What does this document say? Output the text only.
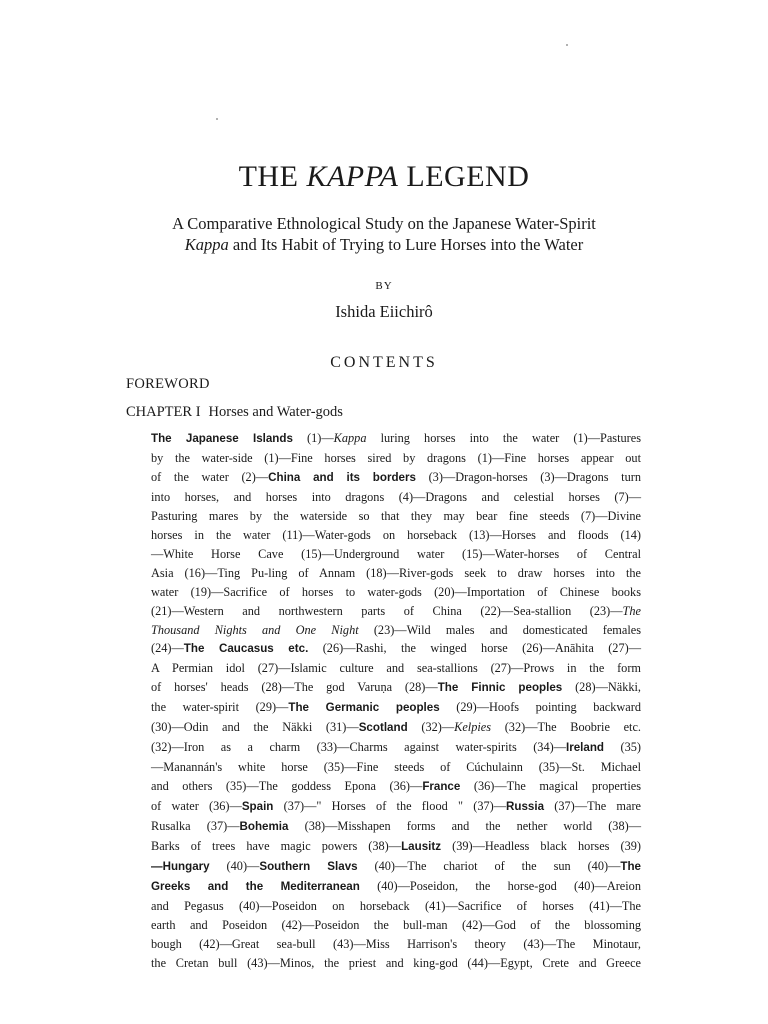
THE KAPPA LEGEND

A Comparative Ethnological Study on the Japanese Water-Spirit
Kappa and Its Habit of Trying to Lure Horses into the Water

BY
Ishida Eiichirô
CONTENTS
FOREWORD
CHAPTER I Horses and Water-gods
The Japanese Islands (1)—Kappa luring horses into the water (1)—Pastures
by the water-side (1)—Fine horses sired by dragons (1)—Fine horses appear out
of the water (2)—China and its borders (3)—Dragon-horses (3)—Dragons turn
into horses, and horses into dragons (4)—Dragons and celestial horses (7)—
Pasturing mares by the waterside so that they may bear fine steeds (7)—Divine
horses in the water (11)—Water-gods on horseback (13)—Horses and floods (14)
—White Horse Cave (15)—Underground water (15)—Water-horses of Central
Asia (16)—Ting Pu-ling of Annam (18)—River-gods seek to draw horses into the
water (19)—Sacrifice of horses to water-gods (20)—Importation of Chinese books
(21)—Western and northwestern parts of China (22)—Sea-stallion (23)—The
Thousand Nights and One Night (23)—Wild males and domesticated females
(24)—The Caucasus etc. (26)—Rashi, the winged horse (26)—Anāhita (27)—
A Permian idol (27)—Islamic culture and sea-stallions (27)—Prows in the form
of horses' heads (28)—The god Varuṇa (28)—The Finnic peoples (28)—Näkki,
the water-spirit (29)—The Germanic peoples (29)—Hoofs pointing backward
(30)—Odin and the Näkki (31)—Scotland (32)—Kelpies (32)—The Boobrie etc.
(32)—Iron as a charm (33)—Charms against water-spirits (34)—Ireland (35)
—Manannán's white horse (35)—Fine steeds of Cúchulainn (35)—St. Michael
and others (35)—The goddess Epona (36)—France (36)—The magical properties
of water (36)—Spain (37)—" Horses of the flood " (37)—Russia (37)—The mare
Rusalka (37)—Bohemia (38)—Misshapen forms and the nether world (38)—
Barks of trees have magic powers (38)—Lausitz (39)—Headless black horses (39)
—Hungary (40)—Southern Slavs (40)—The chariot of the sun (40)—The
Greeks and the Mediterranean (40)—Poseidon, the horse-god (40)—Areion
and Pegasus (40)—Poseidon on horseback (41)—Sacrifice of horses (41)—The
earth and Poseidon (42)—Poseidon the bull-man (42)—God of the blossoming
bough (42)—Great sea-bull (43)—Miss Harrison's theory (43)—The Minotaur,
the Cretan bull (43)—Minos, the priest and king-god (44)—Egypt, Crete and Greece
